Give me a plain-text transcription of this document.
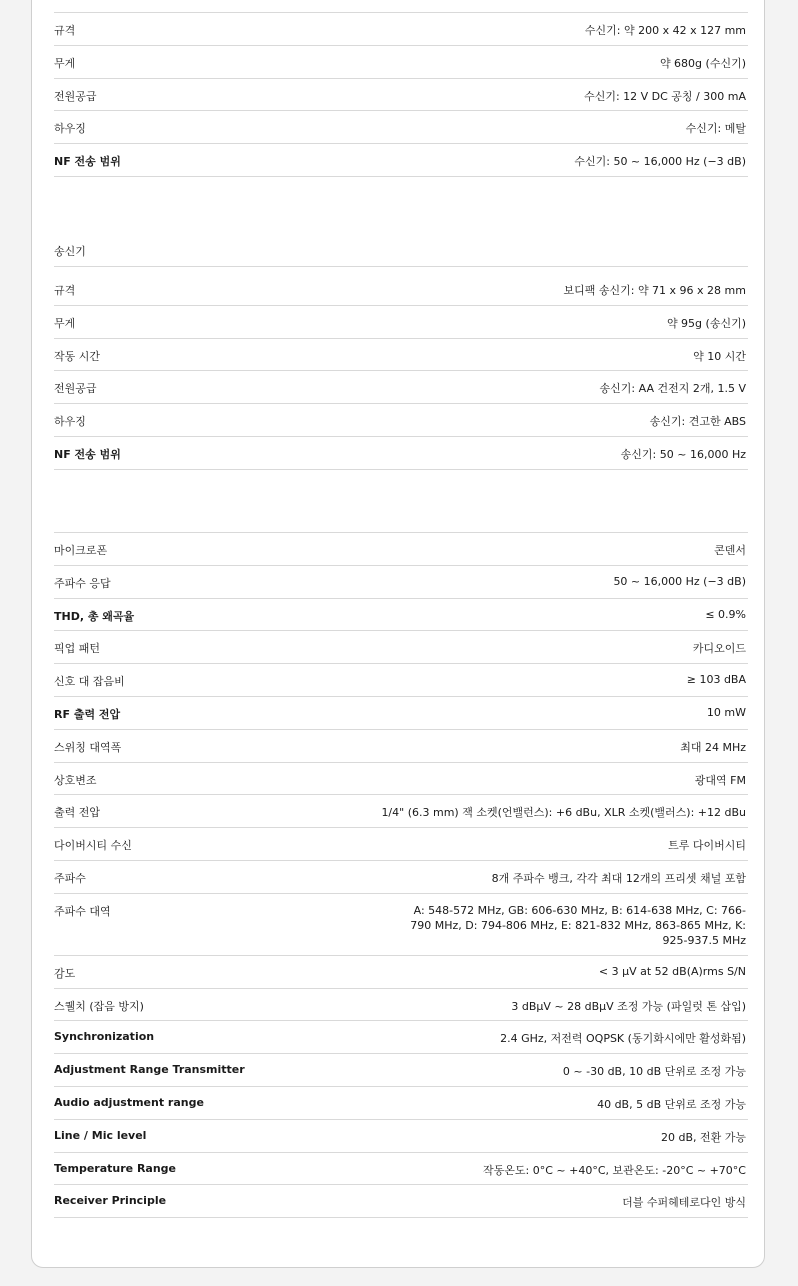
규격	수신기: 약 200 x 42 x 127 mm
무게	약 680g (수신기)
전원공급	수신기: 12 V DC 공칭 / 300 mA
하우징	수신기: 메탈
NF 전송 범위	수신기: 50 ~ 16,000 Hz (−3 dB)
송신기
규격	보디팩 송신기: 약 71 x 96 x 28 mm
무게	약 95g (송신기)
작동 시간	약 10 시간
전원공급	송신기: AA 건전지 2개, 1.5 V
하우징	송신기: 견고한 ABS
NF 전송 범위	송신기: 50 ~ 16,000 Hz
마이크로폰	콘덴서
주파수 응답	50 ~ 16,000 Hz (−3 dB)
THD, 총 왜곡율	≤ 0.9%
픽업 패턴	카디오이드
신호 대 잡음비	≥ 103 dBA
RF 출력 전압	10 mW
스위칭 대역폭	최대 24 MHz
상호변조	광대역 FM
출력 전압	1/4" (6.3 mm) 잭 소켓(언밸런스): +6 dBu, XLR 소켓(밸러스): +12 dBu
다이버시티 수신	트루 다이버시티
주파수	8개 주파수 뱅크, 각각 최대 12개의 프리셋 채널 포함
주파수 대역	A: 548-572 MHz, GB: 606-630 MHz, B: 614-638 MHz, C: 766-790 MHz, D: 794-806 MHz, E: 821-832 MHz, 863-865 MHz, K: 925-937.5 MHz
감도	< 3 µV at 52 dB(A)rms S/N
스퀠치 (잡음 방지)	3 dBµV ~ 28 dBµV 조정 가능 (파일럿 톤 삽입)
Synchronization	2.4 GHz, 저전력 OQPSK (동기화시에만 활성화됨)
Adjustment Range Transmitter	0 ~ -30 dB, 10 dB 단위로 조정 가능
Audio adjustment range	40 dB, 5 dB 단위로 조정 가능
Line / Mic level	20 dB, 전환 가능
Temperature Range	작동온도: 0°C ~ +40°C, 보관온도: -20°C ~ +70°C
Receiver Principle	더블 수퍼헤테로다인 방식
